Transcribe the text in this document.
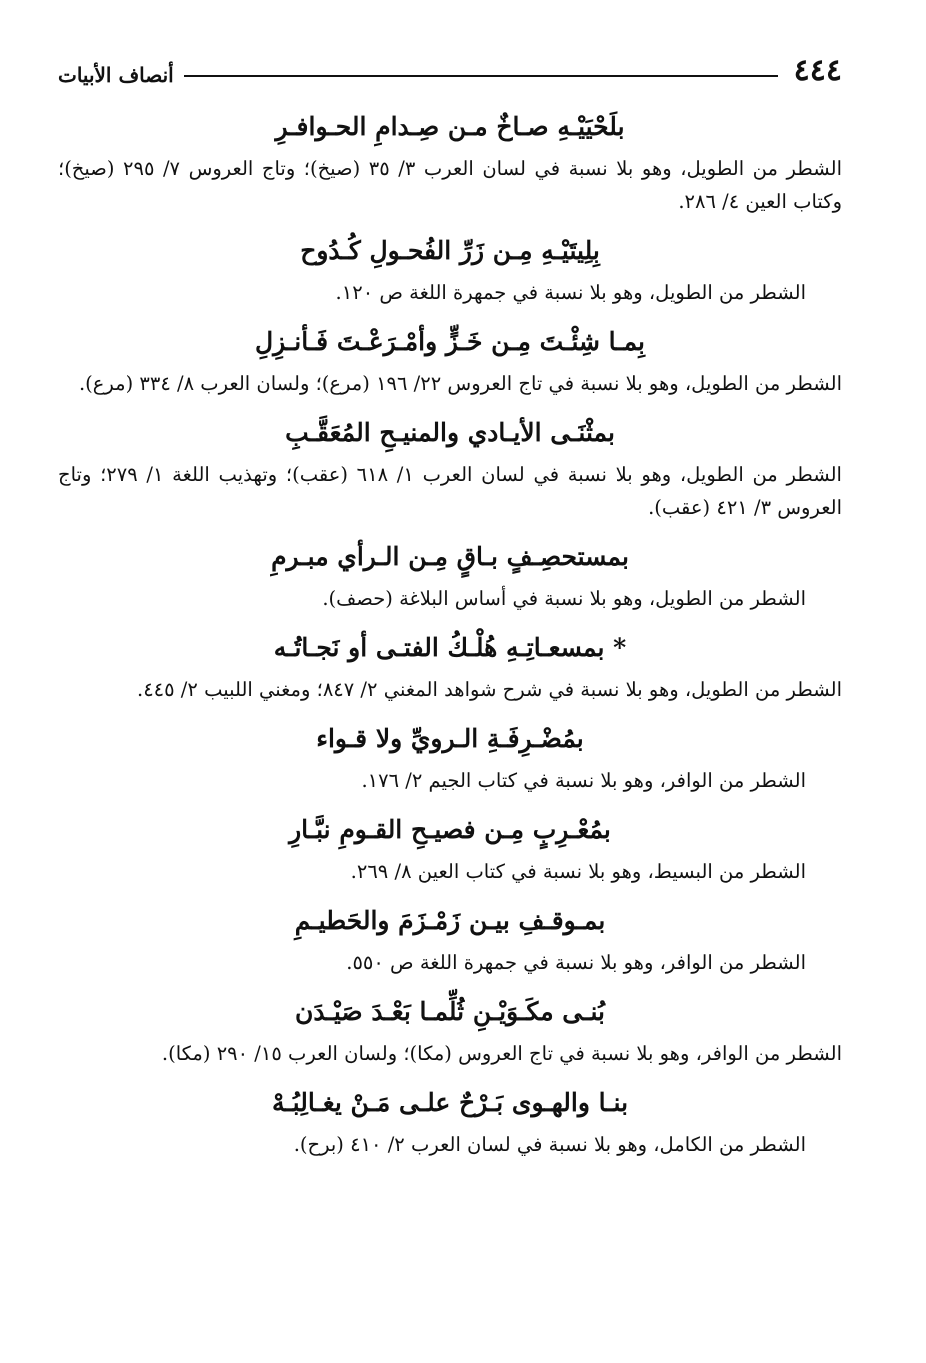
٤٤٤
أنصاف الأبيات

بلَحْيَيْـهِ صـاخٌ مـن صِـدامِ الحـوافـرِ

الشطر من الطويل، وهو بلا نسبة في لسان العرب ٣/ ٣٥ (صيخ)؛ وتاج العروس ٧/ ٢٩٥ (صيخ)؛ وكتاب العين ٤/ ٢٨٦.

بِلِيتَيْـهِ مِـن زَرِّ الفُحـولِ كُـدُوح

الشطر من الطويل، وهو بلا نسبة في جمهرة اللغة ص ١٢٠.

بِمـا شِئْـتَ مِـن خَـزٍّ وأمْـرَعْـتَ فَـأنـزِلِ

الشطر من الطويل، وهو بلا نسبة في تاج العروس ٢٢/ ١٩٦ (مرع)؛ ولسان العرب ٨/ ٣٣٤ (مرع).

بمثْنَـى الأيـادي والمنيـحِ المُعَقَّـبِ

الشطر من الطويل، وهو بلا نسبة في لسان العرب ١/ ٦١٨ (عقب)؛ وتهذيب اللغة ١/ ٢٧٩؛ وتاج العروس ٣/ ٤٢١ (عقب).

بمستحصِـفٍ بـاقٍ مِـن الـرأي مبـرمِ

الشطر من الطويل، وهو بلا نسبة في أساس البلاغة (حصف).

* بمسعـاتِـهِ هُلْـكُ الفتـى أو نَجـاتُـه

الشطر من الطويل، وهو بلا نسبة في شرح شواهد المغني ٢/ ٨٤٧؛ ومغني اللبيب ٢/ ٤٤٥.

بمُضْـرِفَـةِ الـرويِّ ولا قـواء

الشطر من الوافر، وهو بلا نسبة في كتاب الجيم ٢/ ١٧٦.

بمُعْـرِبٍ مِـن فصيـحِ القـومِ نبَّـارِ

الشطر من البسيط، وهو بلا نسبة في كتاب العين ٨/ ٢٦٩.

بمـوقـفِ بيـن زَمْـزَمَ والحَطيـمِ

الشطر من الوافر، وهو بلا نسبة في جمهرة اللغة ص ٥٥٠.

بُنـى مكَـوَيْـنِ ثُلِّمـا بَعْـدَ صَيْـدَن

الشطر من الوافر، وهو بلا نسبة في تاج العروس (مكا)؛ ولسان العرب ١٥/ ٢٩٠ (مكا).

بنـا والهـوى بَـرْحٌ علـى مَـنْ يغـالِبُـهْ

الشطر من الكامل، وهو بلا نسبة في لسان العرب ٢/ ٤١٠ (برح).
